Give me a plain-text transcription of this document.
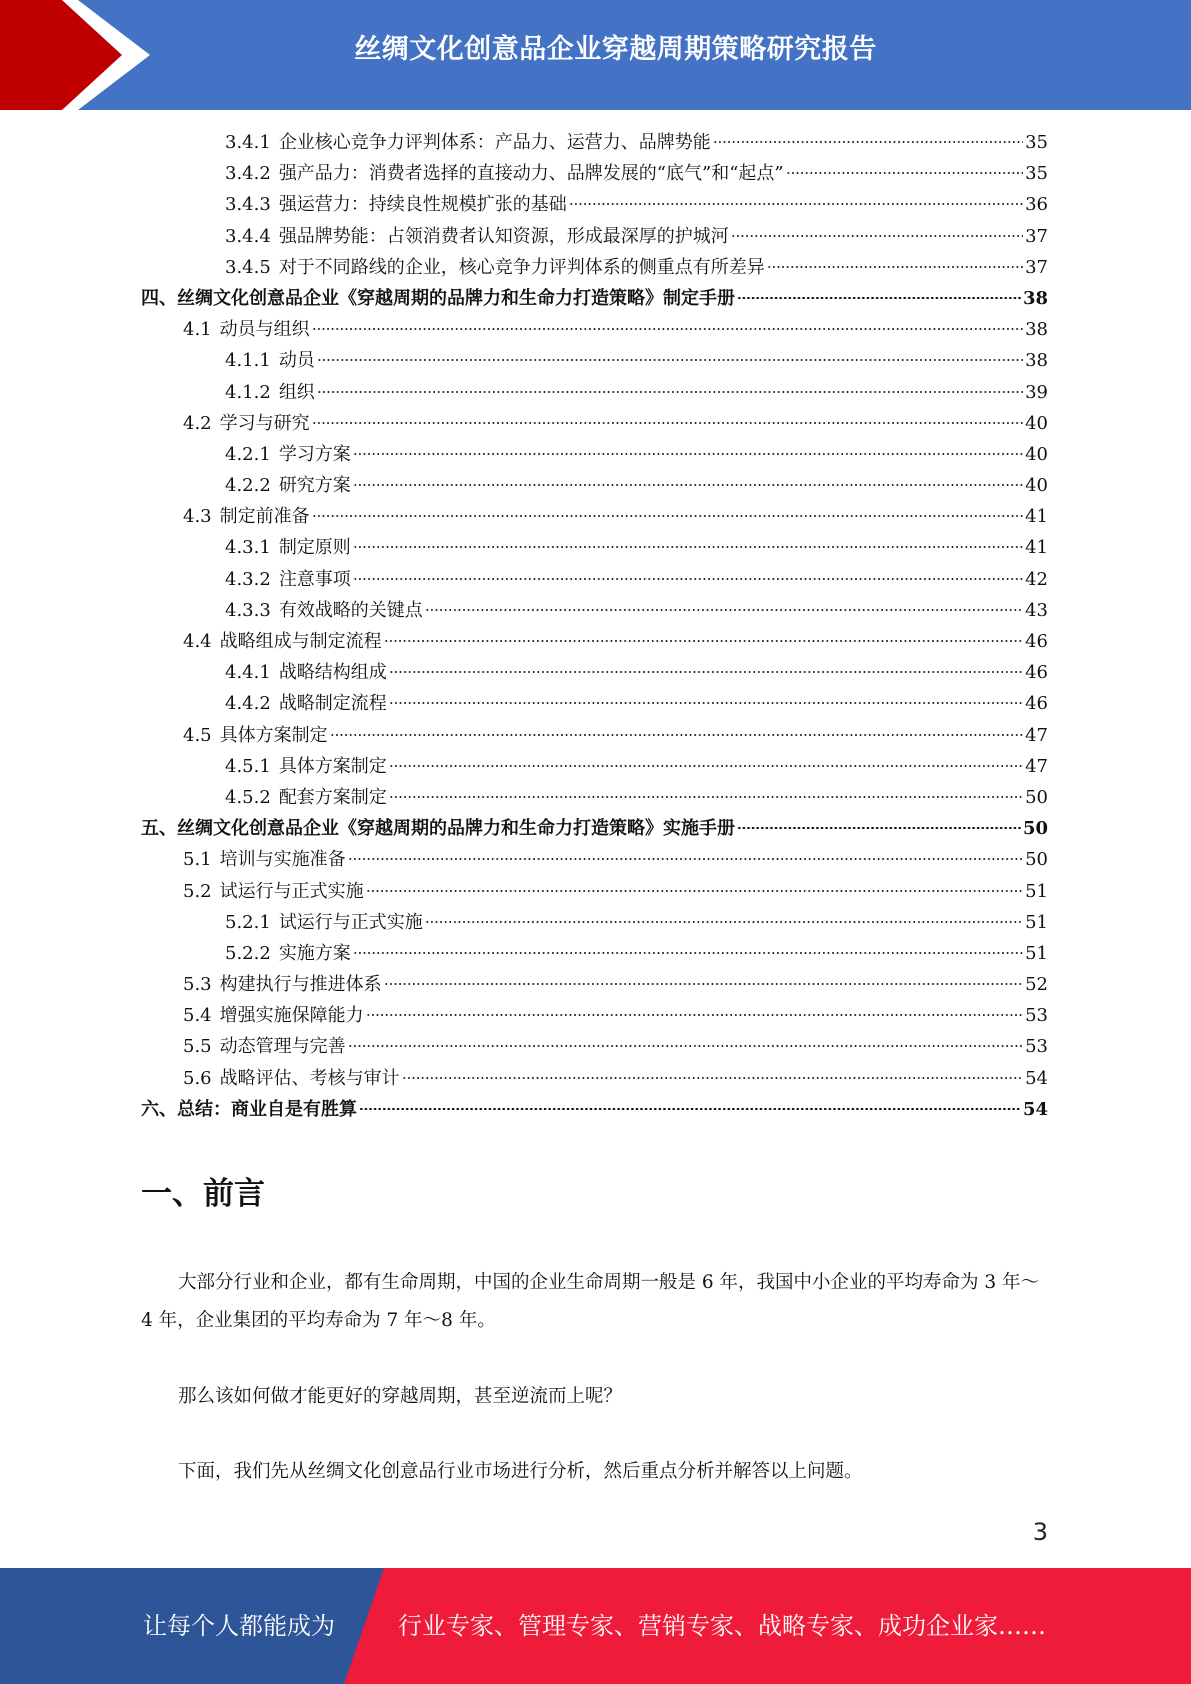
丝绸文化创意品企业穿越周期策略研究报告
3.4.1 企业核心竞争力评判体系：产品力、运营力、品牌势能	35
3.4.2 强产品力：消费者选择的直接动力、品牌发展的“底气”和“起点”	35
3.4.3 强运营力：持续良性规模扩张的基础	36
3.4.4 强品牌势能：占领消费者认知资源，形成最深厚的护城河	37
3.4.5 对于不同路线的企业，核心竞争力评判体系的侧重点有所差异	37
四、 丝绸文化创意品企业《穿越周期的品牌力和生命力打造策略》制定手册	38
4.1 动员与组织	38
4.1.1 动员	38
4.1.2 组织	39
4.2 学习与研究	40
4.2.1 学习方案	40
4.2.2 研究方案	40
4.3 制定前准备	41
4.3.1 制定原则	41
4.3.2 注意事项	42
4.3.3 有效战略的关键点	43
4.4 战略组成与制定流程	46
4.4.1 战略结构组成	46
4.4.2 战略制定流程	46
4.5 具体方案制定	47
4.5.1 具体方案制定	47
4.5.2 配套方案制定	50
五、 丝绸文化创意品企业《穿越周期的品牌力和生命力打造策略》实施手册	50
5.1 培训与实施准备	50
5.2 试运行与正式实施	51
5.2.1 试运行与正式实施	51
5.2.2 实施方案	51
5.3 构建执行与推进体系	52
5.4 增强实施保障能力	53
5.5 动态管理与完善	53
5.6 战略评估、考核与审计	54
六、 总结：商业自是有胜算	54
一、前言

大部分行业和企业，都有生命周期，中国的企业生命周期一般是 6 年，我国中小企业的平均寿命为 3 年～4 年，企业集团的平均寿命为 7 年～8 年。

那么该如何做才能更好的穿越周期，甚至逆流而上呢？

下面，我们先从丝绸文化创意品行业市场进行分析，然后重点分析并解答以上问题。

3
让每个人都能成为	行业专家、管理专家、营销专家、战略专家、成功企业家……
